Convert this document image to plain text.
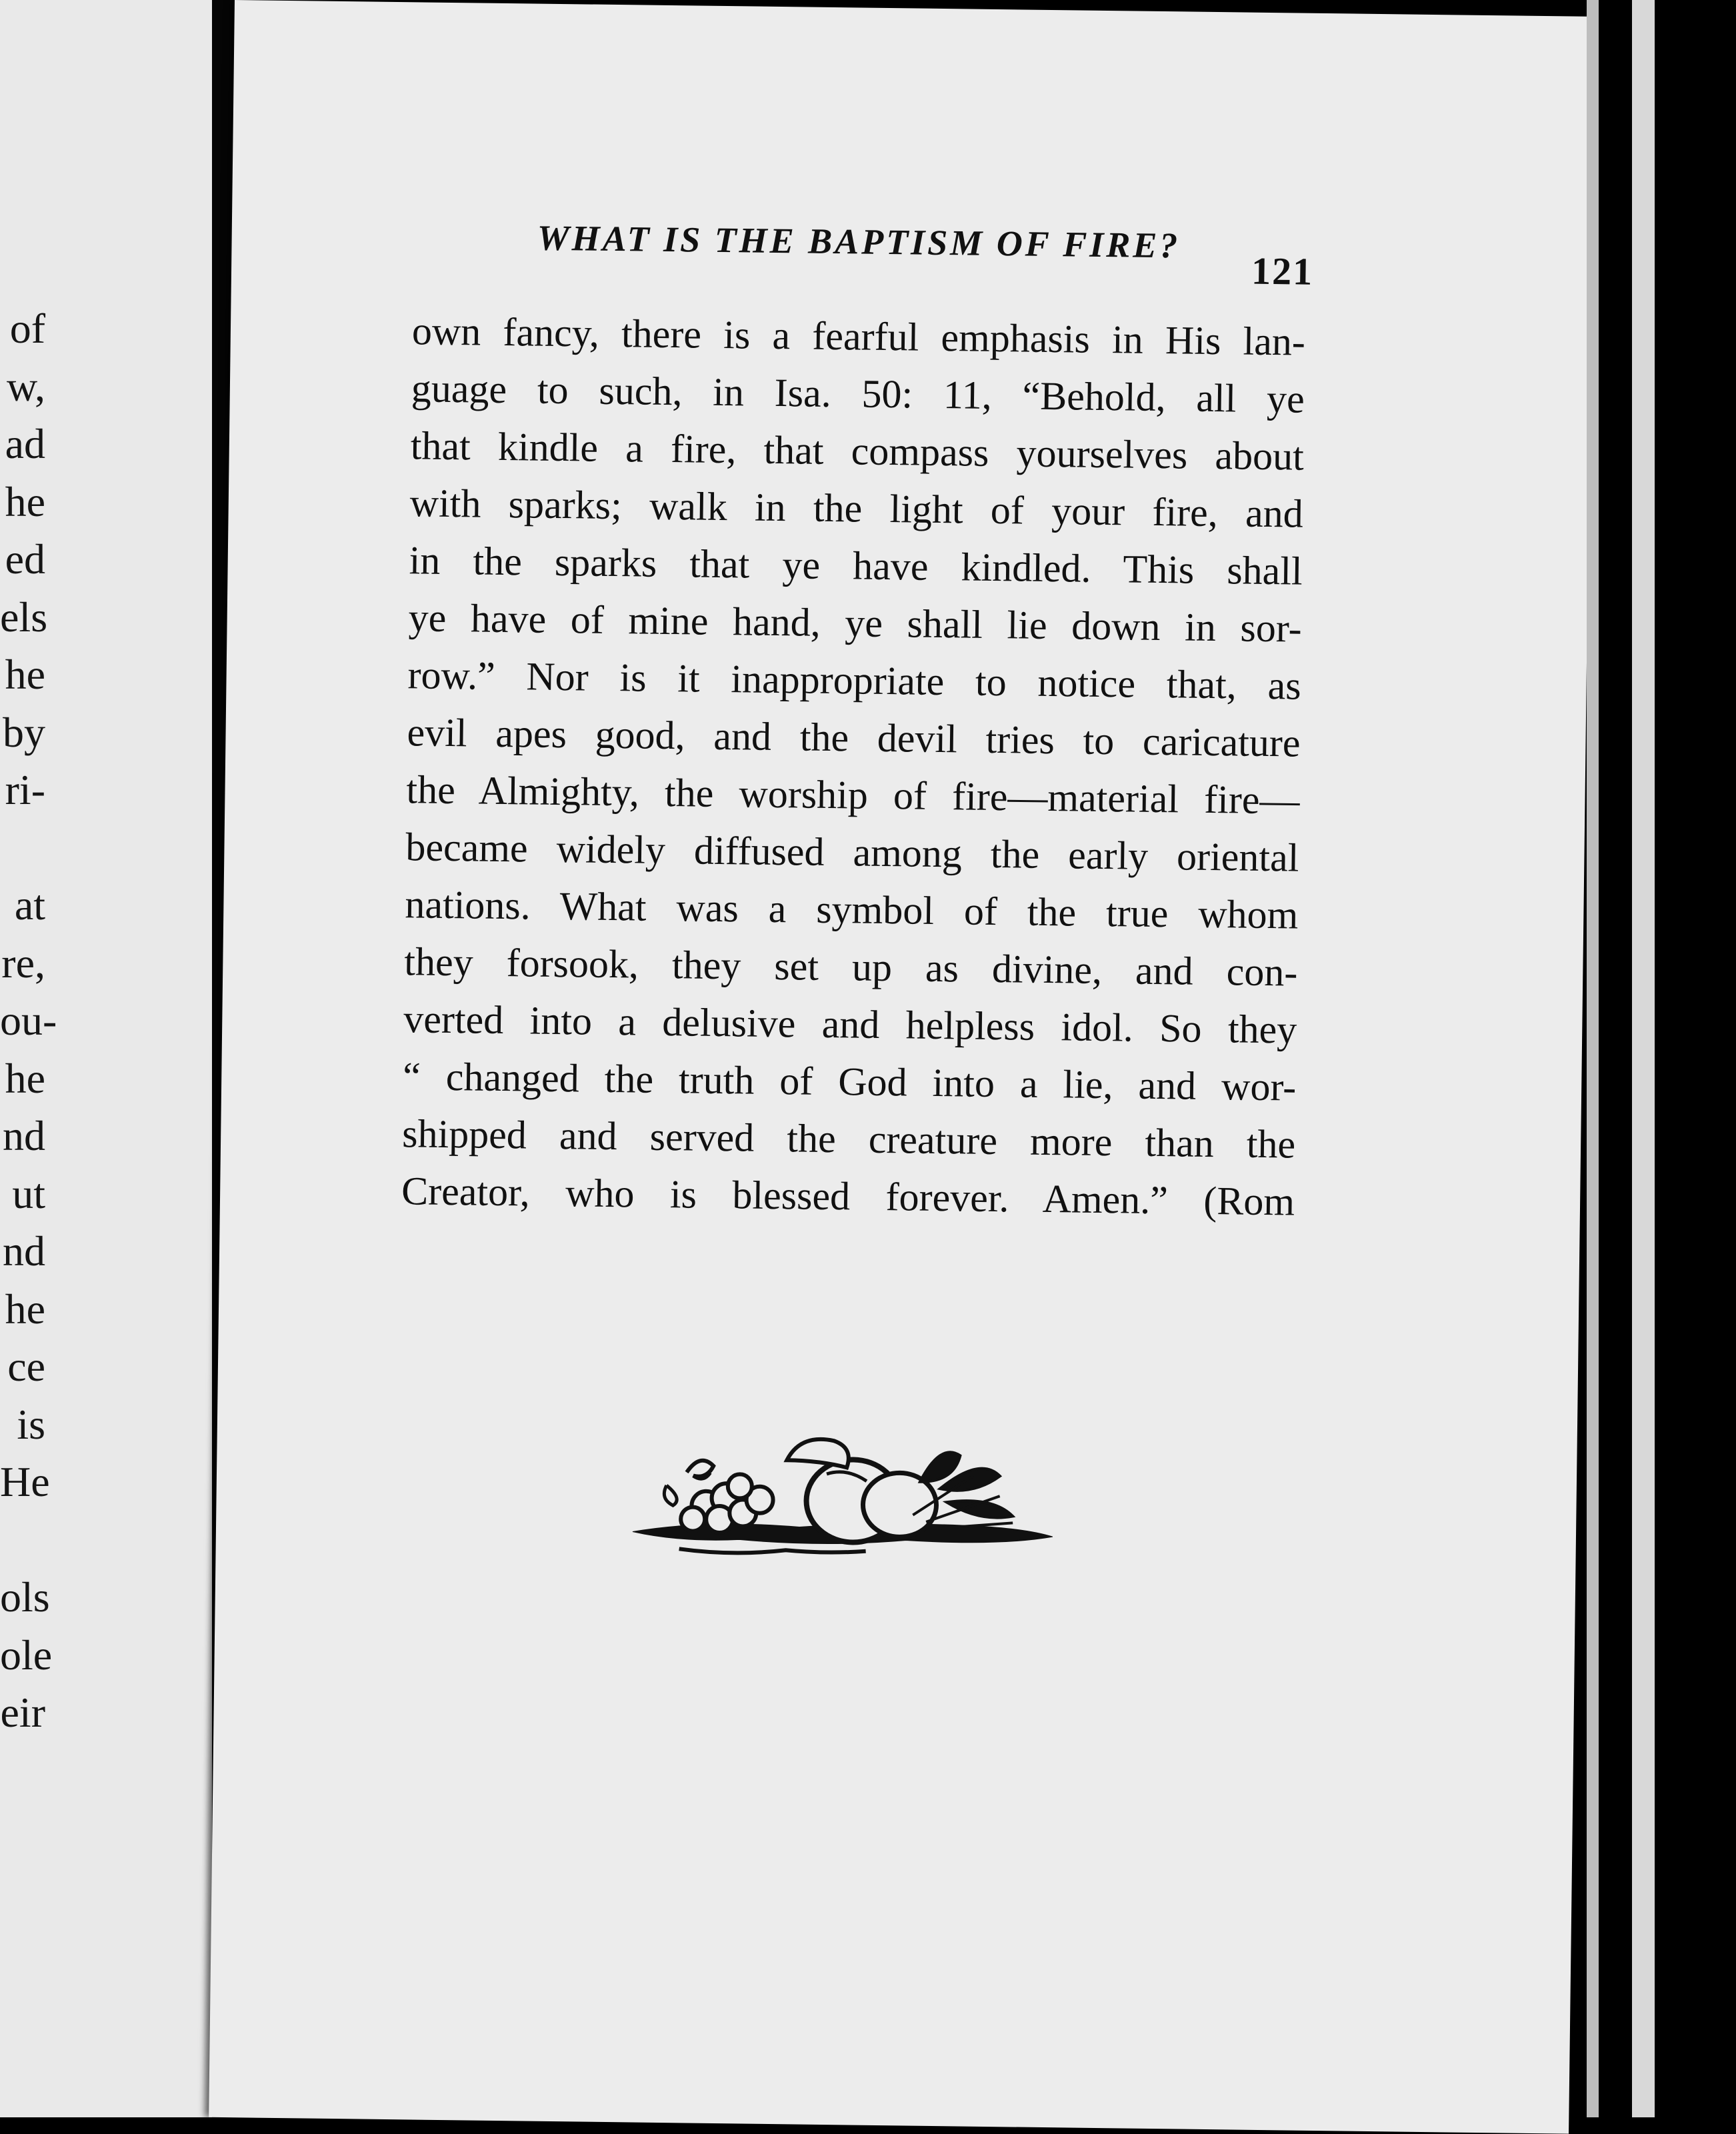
of
w,
ad
he
ed
els
he
by
ri-
at
re,
ou-
he
nd
ut
nd
he
ce
is
He
ols
ole
eir
WHAT IS THE BAPTISM OF FIRE?
121
own fancy, there is a fearful emphasis in His lan-
guage to such, in Isa. 50: 11, “Behold, all ye
that kindle a fire, that compass yourselves about
with sparks; walk in the light of your fire, and
in the sparks that ye have kindled. This shall
ye have of mine hand, ye shall lie down in sor-
row.” Nor is it inappropriate to notice that, as
evil apes good, and the devil tries to caricature
the Almighty, the worship of fire—material fire—
became widely diffused among the early oriental
nations. What was a symbol of the true whom
they forsook, they set up as divine, and con-
verted into a delusive and helpless idol. So they
“ changed the truth of God into a lie, and wor-
shipped and served the creature more than the
Creator, who is blessed forever. Amen.” (Rom
